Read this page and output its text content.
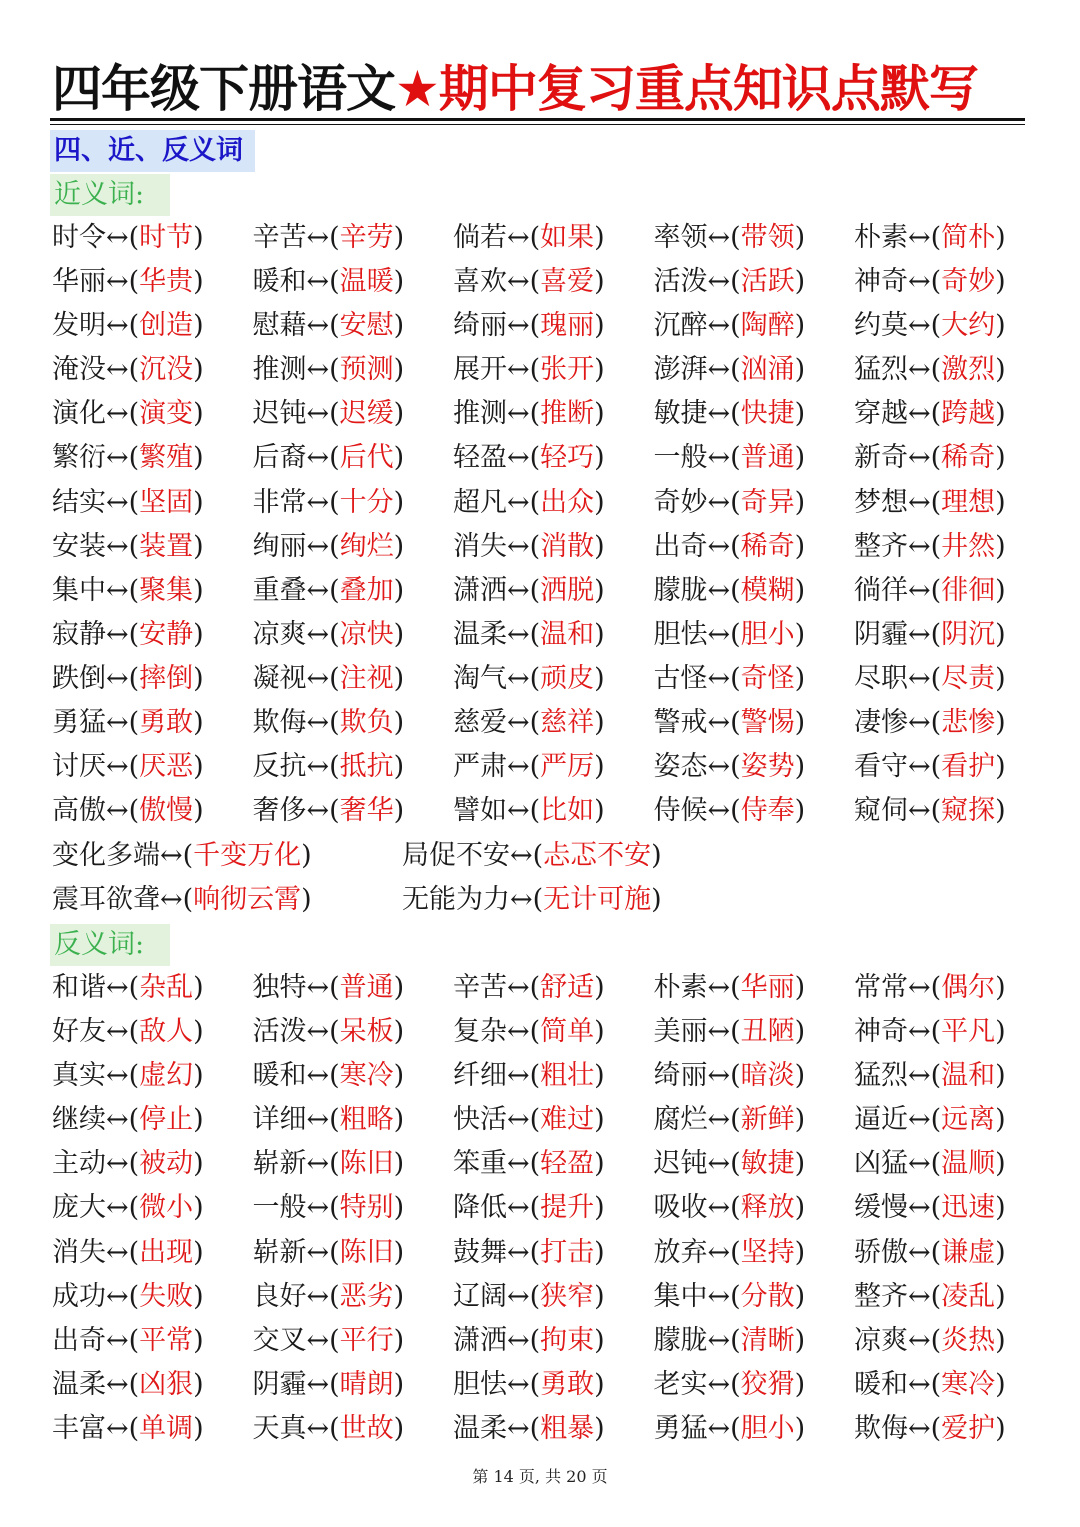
四年级下册语文★期中复习重点知识点默写
四、近、反义词
近义词:
时令↔(时节)	辛苦↔(辛劳)	倘若↔(如果)	率领↔(带领)	朴素↔(简朴)
华丽↔(华贵)	暖和↔(温暖)	喜欢↔(喜爱)	活泼↔(活跃)	神奇↔(奇妙)
发明↔(创造)	慰藉↔(安慰)	绮丽↔(瑰丽)	沉醉↔(陶醉)	约莫↔(大约)
淹没↔(沉没)	推测↔(预测)	展开↔(张开)	澎湃↔(汹涌)	猛烈↔(激烈)
演化↔(演变)	迟钝↔(迟缓)	推测↔(推断)	敏捷↔(快捷)	穿越↔(跨越)
繁衍↔(繁殖)	后裔↔(后代)	轻盈↔(轻巧)	一般↔(普通)	新奇↔(稀奇)
结实↔(坚固)	非常↔(十分)	超凡↔(出众)	奇妙↔(奇异)	梦想↔(理想)
安装↔(装置)	绚丽↔(绚烂)	消失↔(消散)	出奇↔(稀奇)	整齐↔(井然)
集中↔(聚集)	重叠↔(叠加)	潇洒↔(洒脱)	朦胧↔(模糊)	徜徉↔(徘徊)
寂静↔(安静)	凉爽↔(凉快)	温柔↔(温和)	胆怯↔(胆小)	阴霾↔(阴沉)
跌倒↔(摔倒)	凝视↔(注视)	淘气↔(顽皮)	古怪↔(奇怪)	尽职↔(尽责)
勇猛↔(勇敢)	欺侮↔(欺负)	慈爱↔(慈祥)	警戒↔(警惕)	凄惨↔(悲惨)
讨厌↔(厌恶)	反抗↔(抵抗)	严肃↔(严厉)	姿态↔(姿势)	看守↔(看护)
高傲↔(傲慢)	奢侈↔(奢华)	譬如↔(比如)	侍候↔(侍奉)	窥伺↔(窥探)
变化多端↔(千变万化)	局促不安↔(忐忑不安)
震耳欲聋↔(响彻云霄)	无能为力↔(无计可施)
反义词:
和谐↔(杂乱)	独特↔(普通)	辛苦↔(舒适)	朴素↔(华丽)	常常↔(偶尔)
好友↔(敌人)	活泼↔(呆板)	复杂↔(简单)	美丽↔(丑陋)	神奇↔(平凡)
真实↔(虚幻)	暖和↔(寒冷)	纤细↔(粗壮)	绮丽↔(暗淡)	猛烈↔(温和)
继续↔(停止)	详细↔(粗略)	快活↔(难过)	腐烂↔(新鲜)	逼近↔(远离)
主动↔(被动)	崭新↔(陈旧)	笨重↔(轻盈)	迟钝↔(敏捷)	凶猛↔(温顺)
庞大↔(微小)	一般↔(特别)	降低↔(提升)	吸收↔(释放)	缓慢↔(迅速)
消失↔(出现)	崭新↔(陈旧)	鼓舞↔(打击)	放弃↔(坚持)	骄傲↔(谦虚)
成功↔(失败)	良好↔(恶劣)	辽阔↔(狭窄)	集中↔(分散)	整齐↔(凌乱)
出奇↔(平常)	交叉↔(平行)	潇洒↔(拘束)	朦胧↔(清晰)	凉爽↔(炎热)
温柔↔(凶狠)	阴霾↔(晴朗)	胆怯↔(勇敢)	老实↔(狡猾)	暖和↔(寒冷)
丰富↔(单调)	天真↔(世故)	温柔↔(粗暴)	勇猛↔(胆小)	欺侮↔(爱护)
第 14 页, 共 20 页
